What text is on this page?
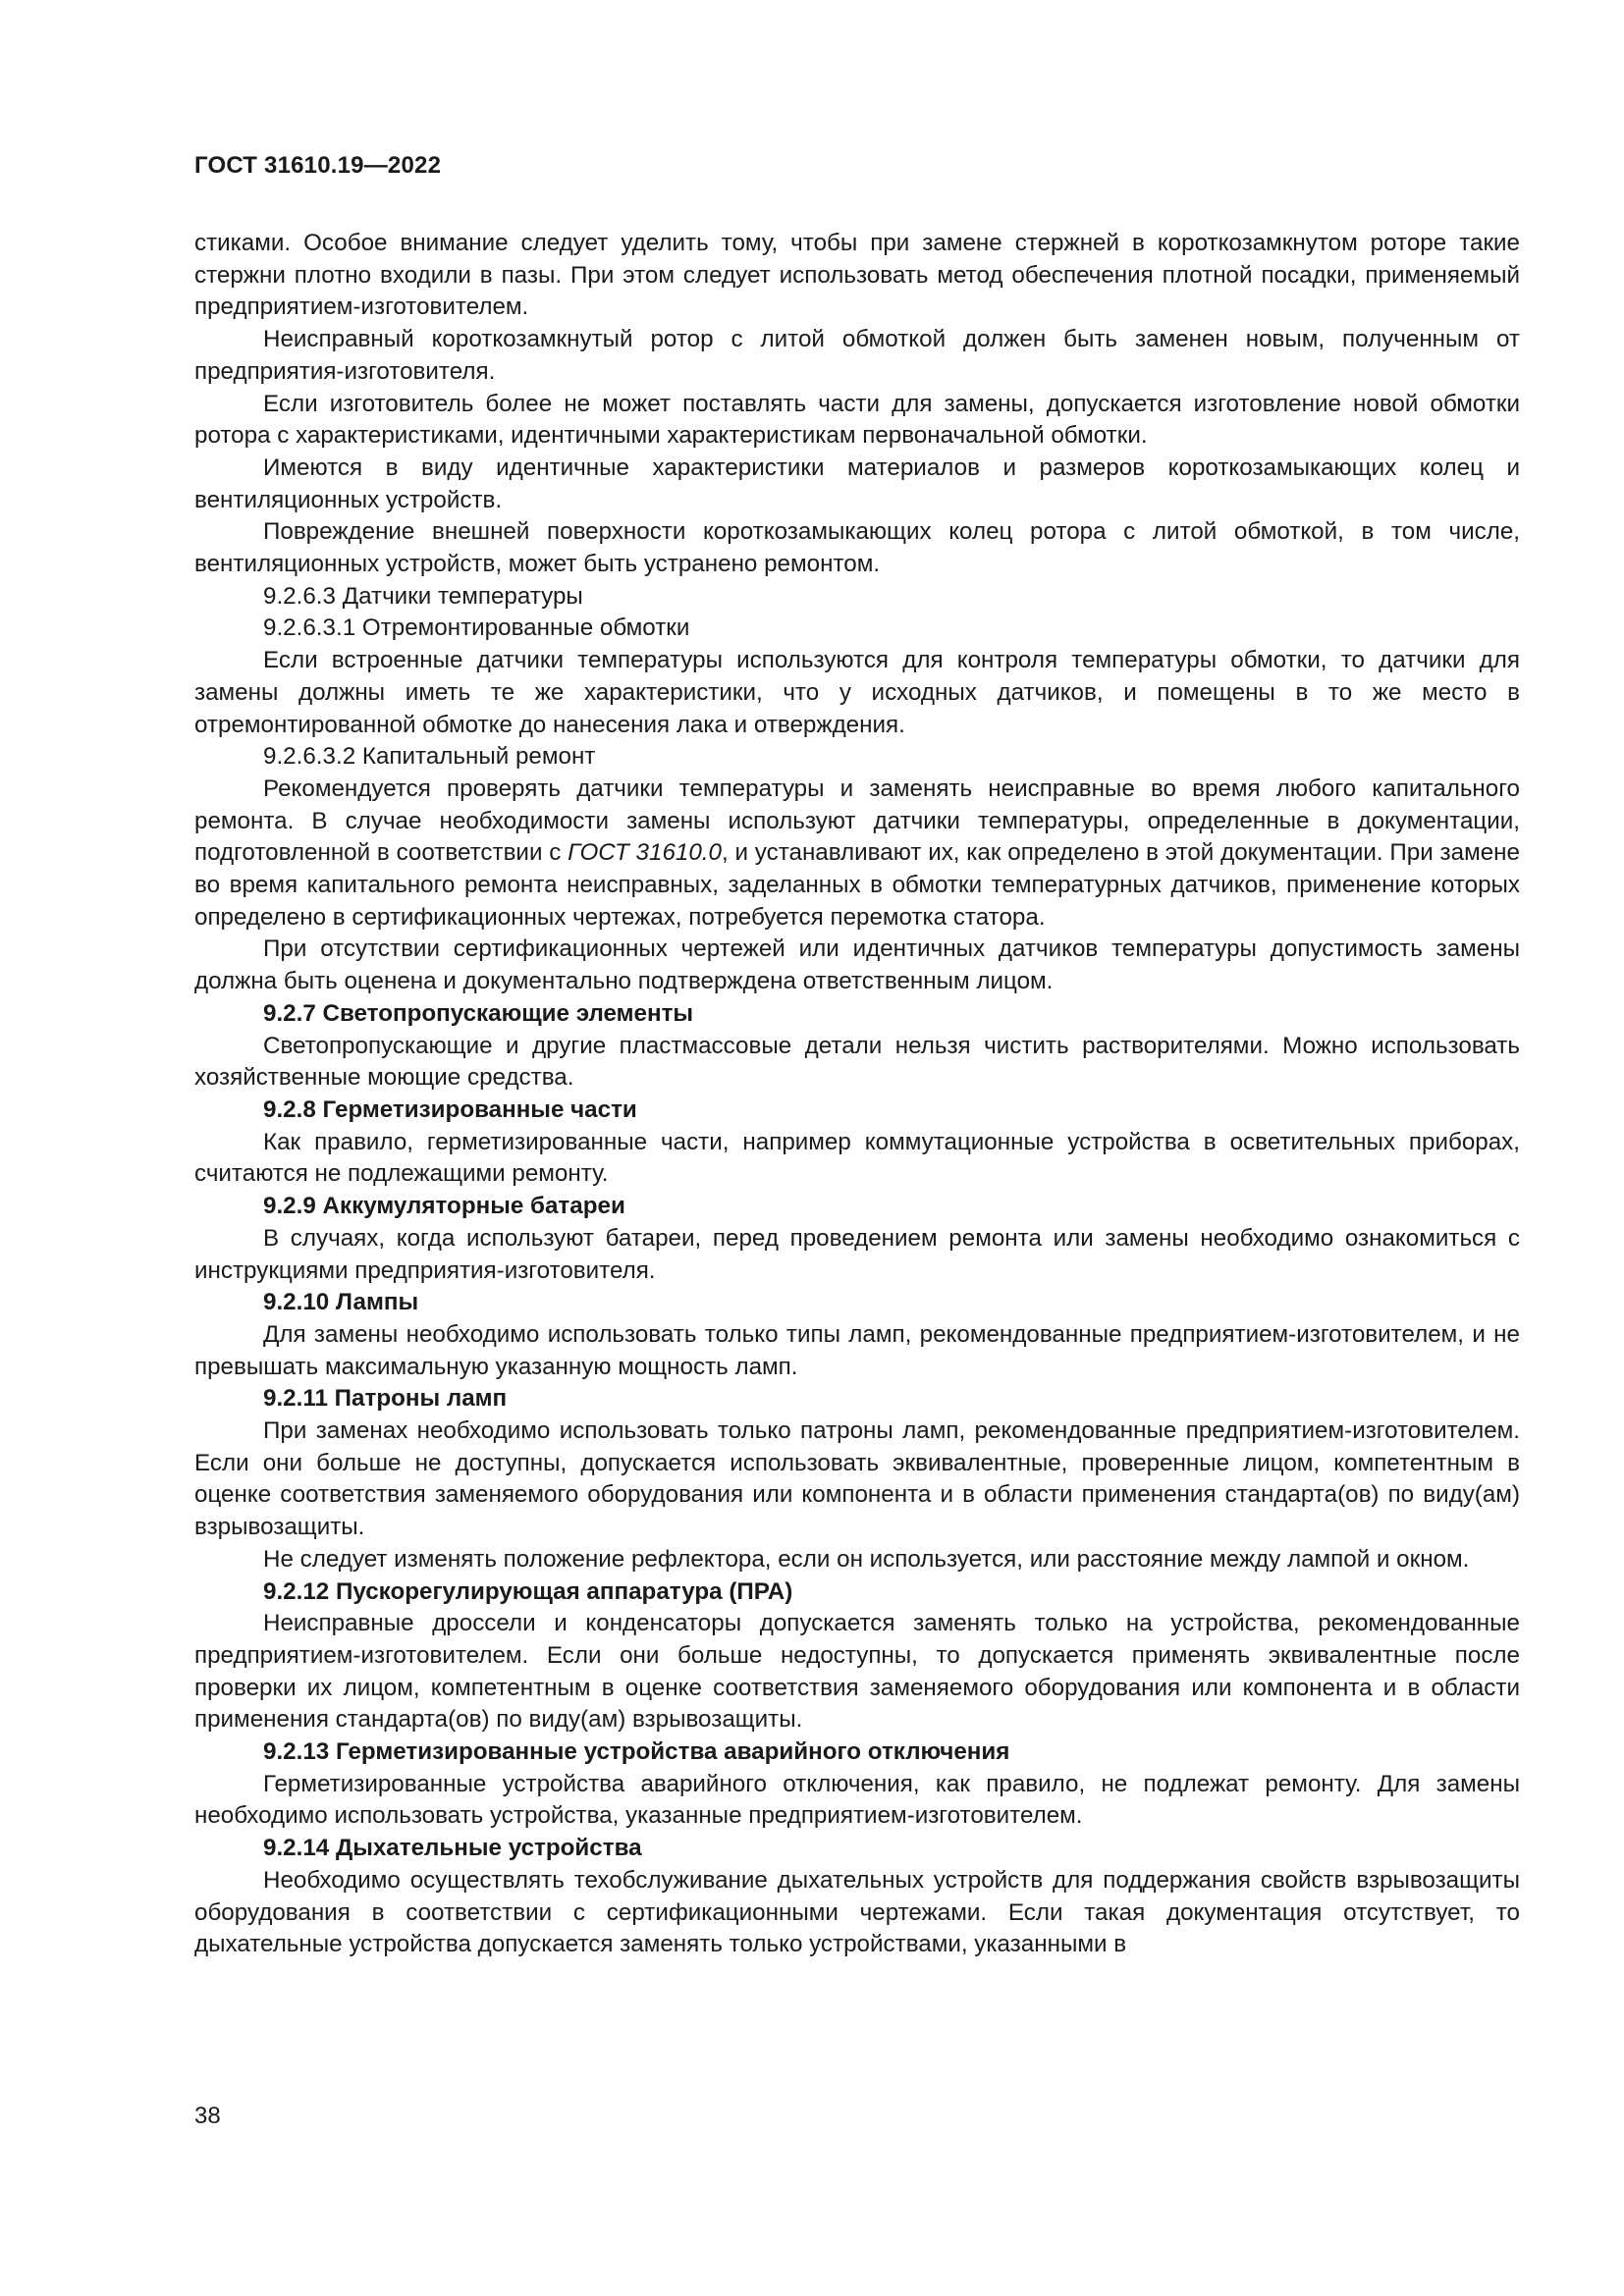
ГОСТ 31610.19—2022

стиками. Особое внимание следует уделить тому, чтобы при замене стержней в короткозамкнутом роторе такие стержни плотно входили в пазы. При этом следует использовать метод обеспечения плотной посадки, применяемый предприятием-изготовителем.

Неисправный короткозамкнутый ротор с литой обмоткой должен быть заменен новым, полученным от предприятия-изготовителя.

Если изготовитель более не может поставлять части для замены, допускается изготовление новой обмотки ротора с характеристиками, идентичными характеристикам первоначальной обмотки.

Имеются в виду идентичные характеристики материалов и размеров короткозамыкающих колец и вентиляционных устройств.

Повреждение внешней поверхности короткозамыкающих колец ротора с литой обмоткой, в том числе, вентиляционных устройств, может быть устранено ремонтом.

9.2.6.3 Датчики температуры

9.2.6.3.1 Отремонтированные обмотки

Если встроенные датчики температуры используются для контроля температуры обмотки, то датчики для замены должны иметь те же характеристики, что у исходных датчиков, и помещены в то же место в отремонтированной обмотке до нанесения лака и отверждения.

9.2.6.3.2 Капитальный ремонт

Рекомендуется проверять датчики температуры и заменять неисправные во время любого капитального ремонта. В случае необходимости замены используют датчики температуры, определенные в документации, подготовленной в соответствии с ГОСТ 31610.0, и устанавливают их, как определено в этой документации. При замене во время капитального ремонта неисправных, заделанных в обмотки температурных датчиков, применение которых определено в сертификационных чертежах, потребуется перемотка статора.

При отсутствии сертификационных чертежей или идентичных датчиков температуры допустимость замены должна быть оценена и документально подтверждена ответственным лицом.

9.2.7 Светопропускающие элементы

Светопропускающие и другие пластмассовые детали нельзя чистить растворителями. Можно использовать хозяйственные моющие средства.

9.2.8 Герметизированные части

Как правило, герметизированные части, например коммутационные устройства в осветительных приборах, считаются не подлежащими ремонту.

9.2.9 Аккумуляторные батареи

В случаях, когда используют батареи, перед проведением ремонта или замены необходимо ознакомиться с инструкциями предприятия-изготовителя.

9.2.10 Лампы

Для замены необходимо использовать только типы ламп, рекомендованные предприятием-изготовителем, и не превышать максимальную указанную мощность ламп.

9.2.11 Патроны ламп

При заменах необходимо использовать только патроны ламп, рекомендованные предприятием-изготовителем. Если они больше не доступны, допускается использовать эквивалентные, проверенные лицом, компетентным в оценке соответствия заменяемого оборудования или компонента и в области применения стандарта(ов) по виду(ам) взрывозащиты.

Не следует изменять положение рефлектора, если он используется, или расстояние между лампой и окном.

9.2.12 Пускорегулирующая аппаратура (ПРА)

Неисправные дроссели и конденсаторы допускается заменять только на устройства, рекомендованные предприятием-изготовителем. Если они больше недоступны, то допускается применять эквивалентные после проверки их лицом, компетентным в оценке соответствия заменяемого оборудования или компонента и в области применения стандарта(ов) по виду(ам) взрывозащиты.

9.2.13 Герметизированные устройства аварийного отключения

Герметизированные устройства аварийного отключения, как правило, не подлежат ремонту. Для замены необходимо использовать устройства, указанные предприятием-изготовителем.

9.2.14 Дыхательные устройства

Необходимо осуществлять техобслуживание дыхательных устройств для поддержания свойств взрывозащиты оборудования в соответствии с сертификационными чертежами. Если такая документация отсутствует, то дыхательные устройства допускается заменять только устройствами, указанными в

38
